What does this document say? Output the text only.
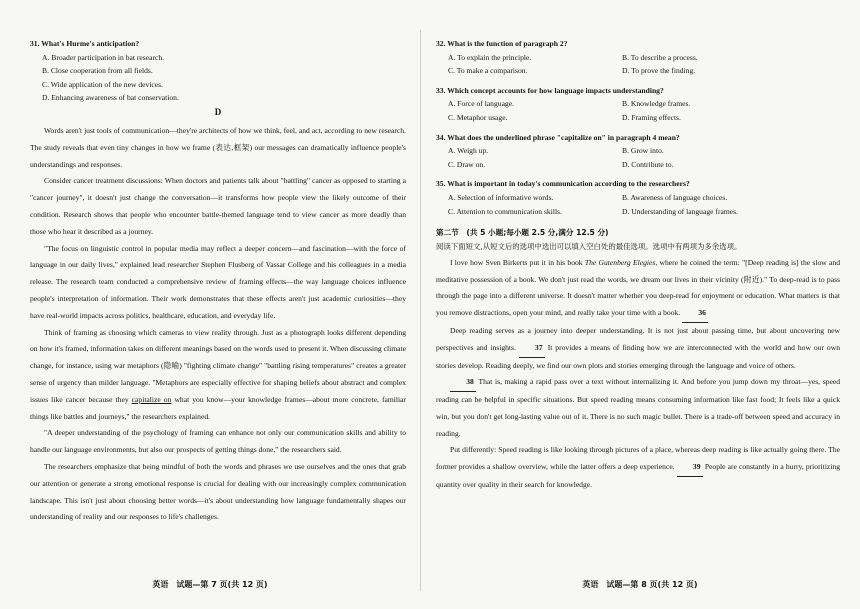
31. What's Hurme's anticipation?
A. Broader participation in bat research.
B. Close cooperation from all fields.
C. Wide application of the new devices.
D. Enhancing awareness of bat conservation.
D

Words aren't just tools of communication—they're architects of how we think, feel, and act, according to new research. The study reveals that even tiny changes in how we frame (表达,框架) our messages can dramatically influence people's understandings and responses.

Consider cancer treatment discussions: When doctors and patients talk about "battling" cancer as opposed to starting a "cancer journey", it doesn't just change the conversation—it transforms how people view the likely outcome of their condition. Research shows that people who encounter battle-themed language tend to view cancer as more deadly than those who hear it described as a journey.

"The focus on linguistic control in popular media may reflect a deeper concern—and fascination—with the force of language in our daily lives," explained lead researcher Stephen Flusberg of Vassar College and his colleagues in a media release. The research team conducted a comprehensive review of framing effects—the way language choices influence people's interpretation of information. Their work demonstrates that these effects aren't just academic curiosities—they have real-world impacts across politics, healthcare, education, and everyday life.

Think of framing as choosing which cameras to view reality through. Just as a photograph looks different depending on how it's framed, information takes on different meanings based on the words used to present it. When discussing climate change, for instance, using war metaphors (隐喻) "fighting climate change" "battling rising temperatures" creates a greater sense of urgency than milder language. "Metaphors are especially effective for shaping beliefs about abstract and complex issues like cancer because they capitalize on what you know—your knowledge frames—about more concrete, familiar things like battles and journeys," the researchers explained.

"A deeper understanding of the psychology of framing can enhance not only our communication skills and ability to handle our language environments, but also our prospects of getting things done," the researchers said.

The researchers emphasize that being mindful of both the words and phrases we use ourselves and the ones that grab our attention or generate a strong emotional response is crucial for dealing with our increasingly complex communication landscape. This isn't just about choosing better words—it's about understanding how language fundamentally shapes our understanding of reality and our responses to life's challenges.

英语　试题—第 7 页(共 12 页)
32. What is the function of paragraph 2?
A. To explain the principle.	B. To describe a process.
C. To make a comparison.	D. To prove the finding.
33. Which concept accounts for how language impacts understanding?
A. Force of language.	B. Knowledge frames.
C. Metaphor usage.	D. Framing effects.
34. What does the underlined phrase "capitalize on" in paragraph 4 mean?
A. Weigh up.	B. Grow into.
C. Draw on.	D. Contribute to.
35. What is important in today's communication according to the researchers?
A. Selection of informative words.	B. Awareness of language choices.
C. Attention to communication skills.	D. Understanding of language frames.
第二节　(共 5 小题;每小题 2.5 分,满分 12.5 分)

阅读下面短文,从短文后的选项中选出可以填入空白处的最佳选项。选项中有两项为多余选项。

I love how Sven Birkerts put it in his book The Gutenberg Elegies, where he coined the term: "[Deep reading is] the slow and meditative possession of a book. We don't just read the words, we dream our lives in their vicinity (附近)." To deep-read is to pass through the page into a different universe. It doesn't matter whether you deep-read for enjoyment or education. What matters is that you remove distractions, open your mind, and really take your time with a book. 36

Deep reading serves as a journey into deeper understanding. It is not just about passing time, but about uncovering new perspectives and insights. 37 It provides a means of finding how we are interconnected with the world and how our own stories develop. Reading deeply, we find our own plots and stories emerging through the language and voice of others.

38 That is, making a rapid pass over a text without internalizing it. And before you jump down my throat—yes, speed reading can be helpful in specific situations. But speed reading means consuming information like fast food; It feels like a quick win, but you don't get long-lasting value out of it. There is no such magic bullet. There is a trade-off between speed and accuracy in reading.

Put differently: Speed reading is like looking through pictures of a place, whereas deep reading is like actually going there. The former provides a shallow overview, while the latter offers a deep experience. 39 People are constantly in a hurry, prioritizing quantity over quality in their search for knowledge.

英语　试题—第 8 页(共 12 页)
